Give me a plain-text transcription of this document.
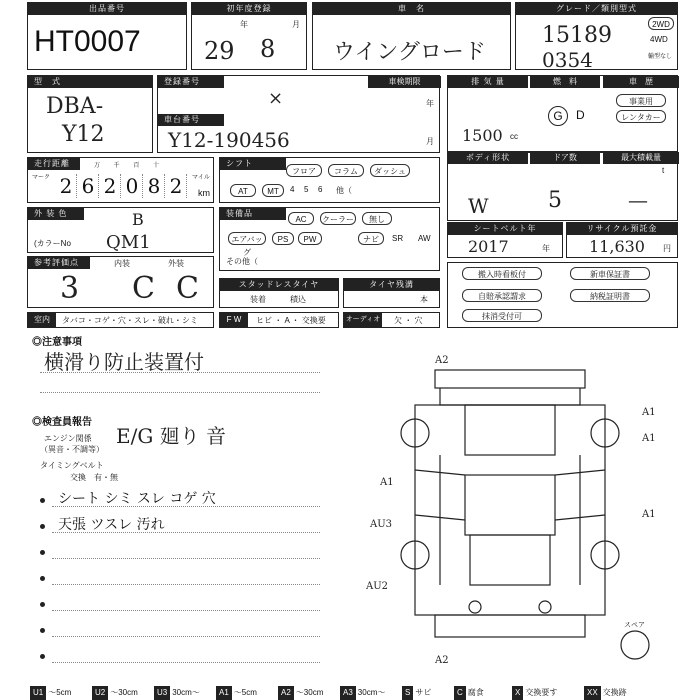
出品番号
HT0007
初年度登録
年	月
29 8
車　名
ウイングロード
グレード／類別型式
15189
0354
2WD
4WD
輸型なし
型　式
DBA-
Y12
登録番号
×
車台番号
Y12-190456
車検期限
年
月
排 気 量
1500 cc
燃　料
G	D
車　歴
事業用
レンタカー
走行距離	万 千 百 十
マーク 2 6 2 0 8 2	マイル
km
シフト
フロア	コラム	ダッシュ
AT	MT	4 5 6 他（
ボディ形状
W
ドア数
5
最大積載量
t
—
外 装 色	B
(カラーNo QM1
装備品
AC	クーラー	無し
エアバッグ
PS	PW	ナビ	SR AW
その他（
シートベルト年
2017	年
リサイクル預託金
11,630 円
参考評価点	内装	外装
3 C C	スタッドレスタイヤ
装着	積込
タイヤ残溝
本
搬入時看板付	新車保証書
自賠承認謂求	納税証明書
抹消受付可
室内	タバコ・コゲ・穴・スレ・破れ・シミ	F W	ヒビ ・ A ・ 交換要	オーディオ 欠 ・ 穴
◎注意事項
横滑り防止装置付
◎検査員報告
エンジン関係
（異音・不調等）
E/G 廻り 音
タイミングベルト
交換　有・無
シート シミ スレ コゲ 穴
天張 ツスレ 汚れ
A2
A1
A1
A1
A1
AU3
AU2
A2
スペア
U1 ～5cm	U2 ～30cm	U3 30cm～	A1 ～5cm	A2 ～30cm	A3 30cm～	S サビ	C 腐食	X 交換要す	XX 交換跡
